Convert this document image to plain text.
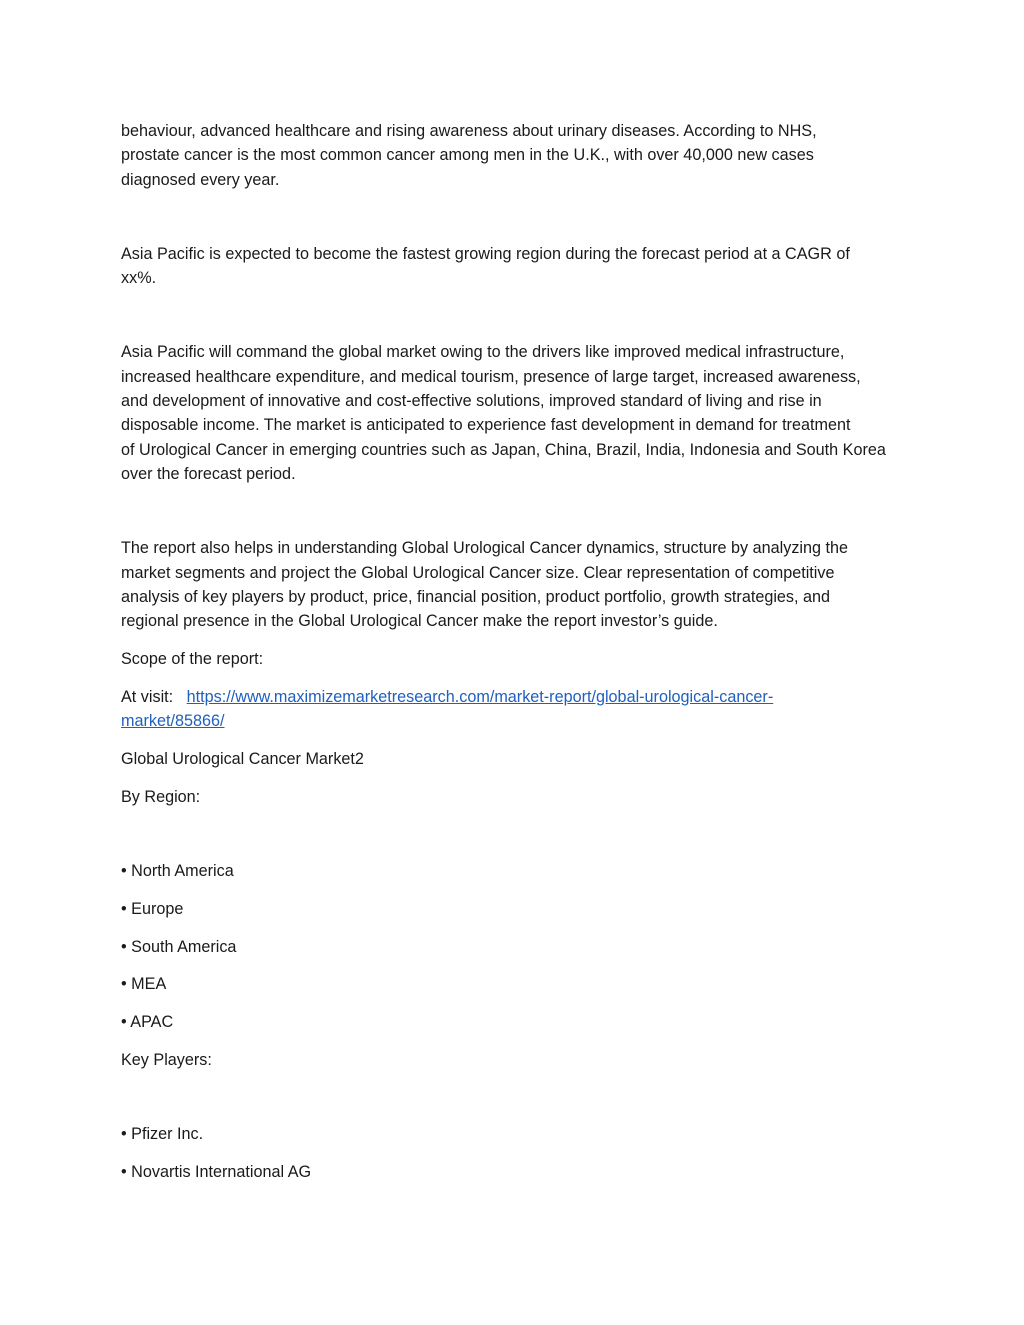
behaviour, advanced healthcare and rising awareness about urinary diseases. According to NHS,
prostate cancer is the most common cancer among men in the U.K., with over 40,000 new cases
diagnosed every year.

Asia Pacific is expected to become the fastest growing region during the forecast period at a CAGR of
xx%.

Asia Pacific will command the global market owing to the drivers like improved medical infrastructure,
increased healthcare expenditure, and medical tourism, presence of large target, increased awareness,
and development of innovative and cost-effective solutions, improved standard of living and rise in
disposable income. The market is anticipated to experience fast development in demand for treatment
of Urological Cancer in emerging countries such as Japan, China, Brazil, India, Indonesia and South Korea
over the forecast period.

The report also helps in understanding Global Urological Cancer dynamics, structure by analyzing the
market segments and project the Global Urological Cancer size. Clear representation of competitive
analysis of key players by product, price, financial position, product portfolio, growth strategies, and
regional presence in the Global Urological Cancer make the report investor’s guide.

Scope of the report:

At visit: https://www.maximizemarketresearch.com/market-report/global-urological-cancer-
market/85866/

Global Urological Cancer Market2

By Region:

• North America

• Europe

• South America

• MEA

• APAC

Key Players:

• Pfizer Inc.

• Novartis International AG
